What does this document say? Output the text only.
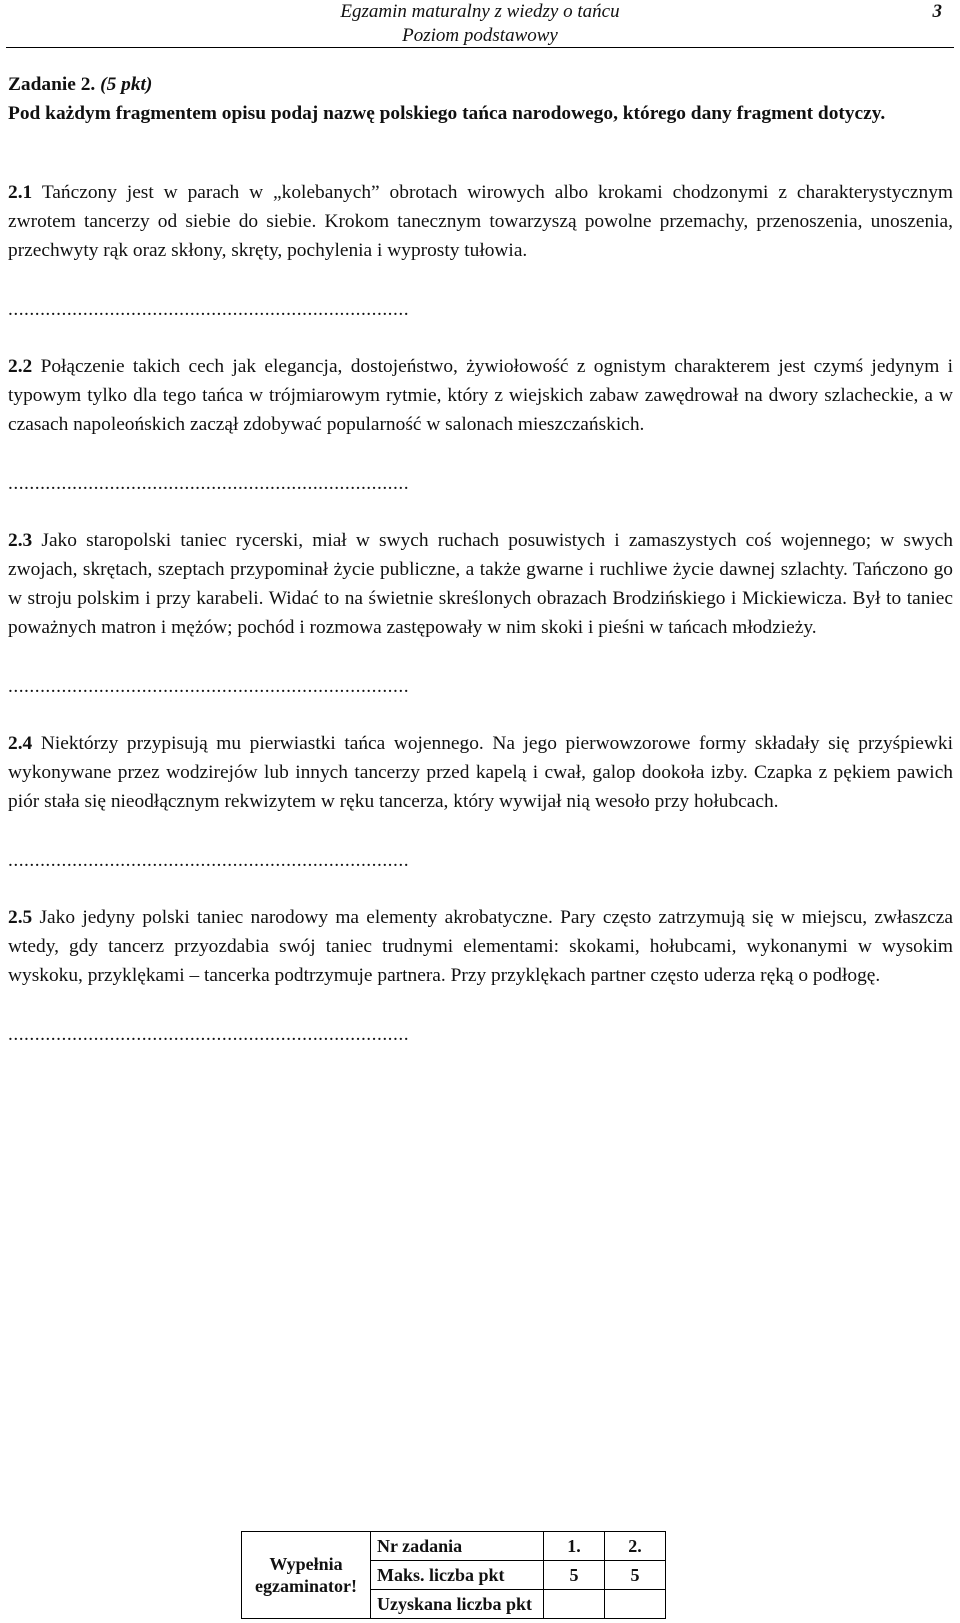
Egzamin maturalny z wiedzy o tańcu
Poziom podstawowy
3
Zadanie 2. (5 pkt)
Pod każdym fragmentem opisu podaj nazwę polskiego tańca narodowego, którego dany fragment dotyczy.
2.1 Tańczony jest w parach w „kolebanych” obrotach wirowych albo krokami chodzonymi z charakterystycznym zwrotem tancerzy od siebie do siebie. Krokom tanecznym towarzyszą powolne przemachy, przenoszenia, unoszenia, przechwyty rąk oraz skłony, skręty, pochylenia i wyprosty tułowia.
...........................................................................
2.2 Połączenie takich cech jak elegancja, dostojeństwo, żywiołowość z ognistym charakterem jest czymś jedynym i typowym tylko dla tego tańca w trójmiarowym rytmie, który z wiejskich zabaw zawędrował na dwory szlacheckie, a w czasach napoleońskich zaczął zdobywać popularność w salonach mieszczańskich.
...........................................................................
2.3 Jako staropolski taniec rycerski, miał w swych ruchach posuwistych i zamaszystych coś wojennego; w swych zwojach, skrętach, szeptach przypominał życie publiczne, a także gwarne i ruchliwe życie dawnej szlachty. Tańczono go w stroju polskim i przy karabeli. Widać to na świetnie skreślonych obrazach Brodzińskiego i Mickiewicza. Był to taniec poważnych matron i mężów; pochód i rozmowa zastępowały w nim skoki i pieśni w tańcach młodzieży.
...........................................................................
2.4 Niektórzy przypisują mu pierwiastki tańca wojennego. Na jego pierwowzorowe formy składały się przyśpiewki wykonywane przez wodzirejów lub innych tancerzy przed kapelą i cwał, galop dookoła izby. Czapka z pękiem pawich piór stała się nieodłącznym rekwizytem w ręku tancerza, który wywijał nią wesoło przy hołubcach.
...........................................................................
2.5 Jako jedyny polski taniec narodowy ma elementy akrobatyczne. Pary często zatrzymują się w miejscu, zwłaszcza wtedy, gdy tancerz przyozdabia swój taniec trudnymi elementami: skokami, hołubcami, wykonanymi w wysokim wyskoku, przyklękami – tancerka podtrzymuje partnera. Przy przyklękach partner często uderza ręką o podłogę.
...........................................................................
Wypełnia
egzaminator!	Nr zadania	1.	2.
	Maks. liczba pkt	5	5
	Uzyskana liczba pkt		
